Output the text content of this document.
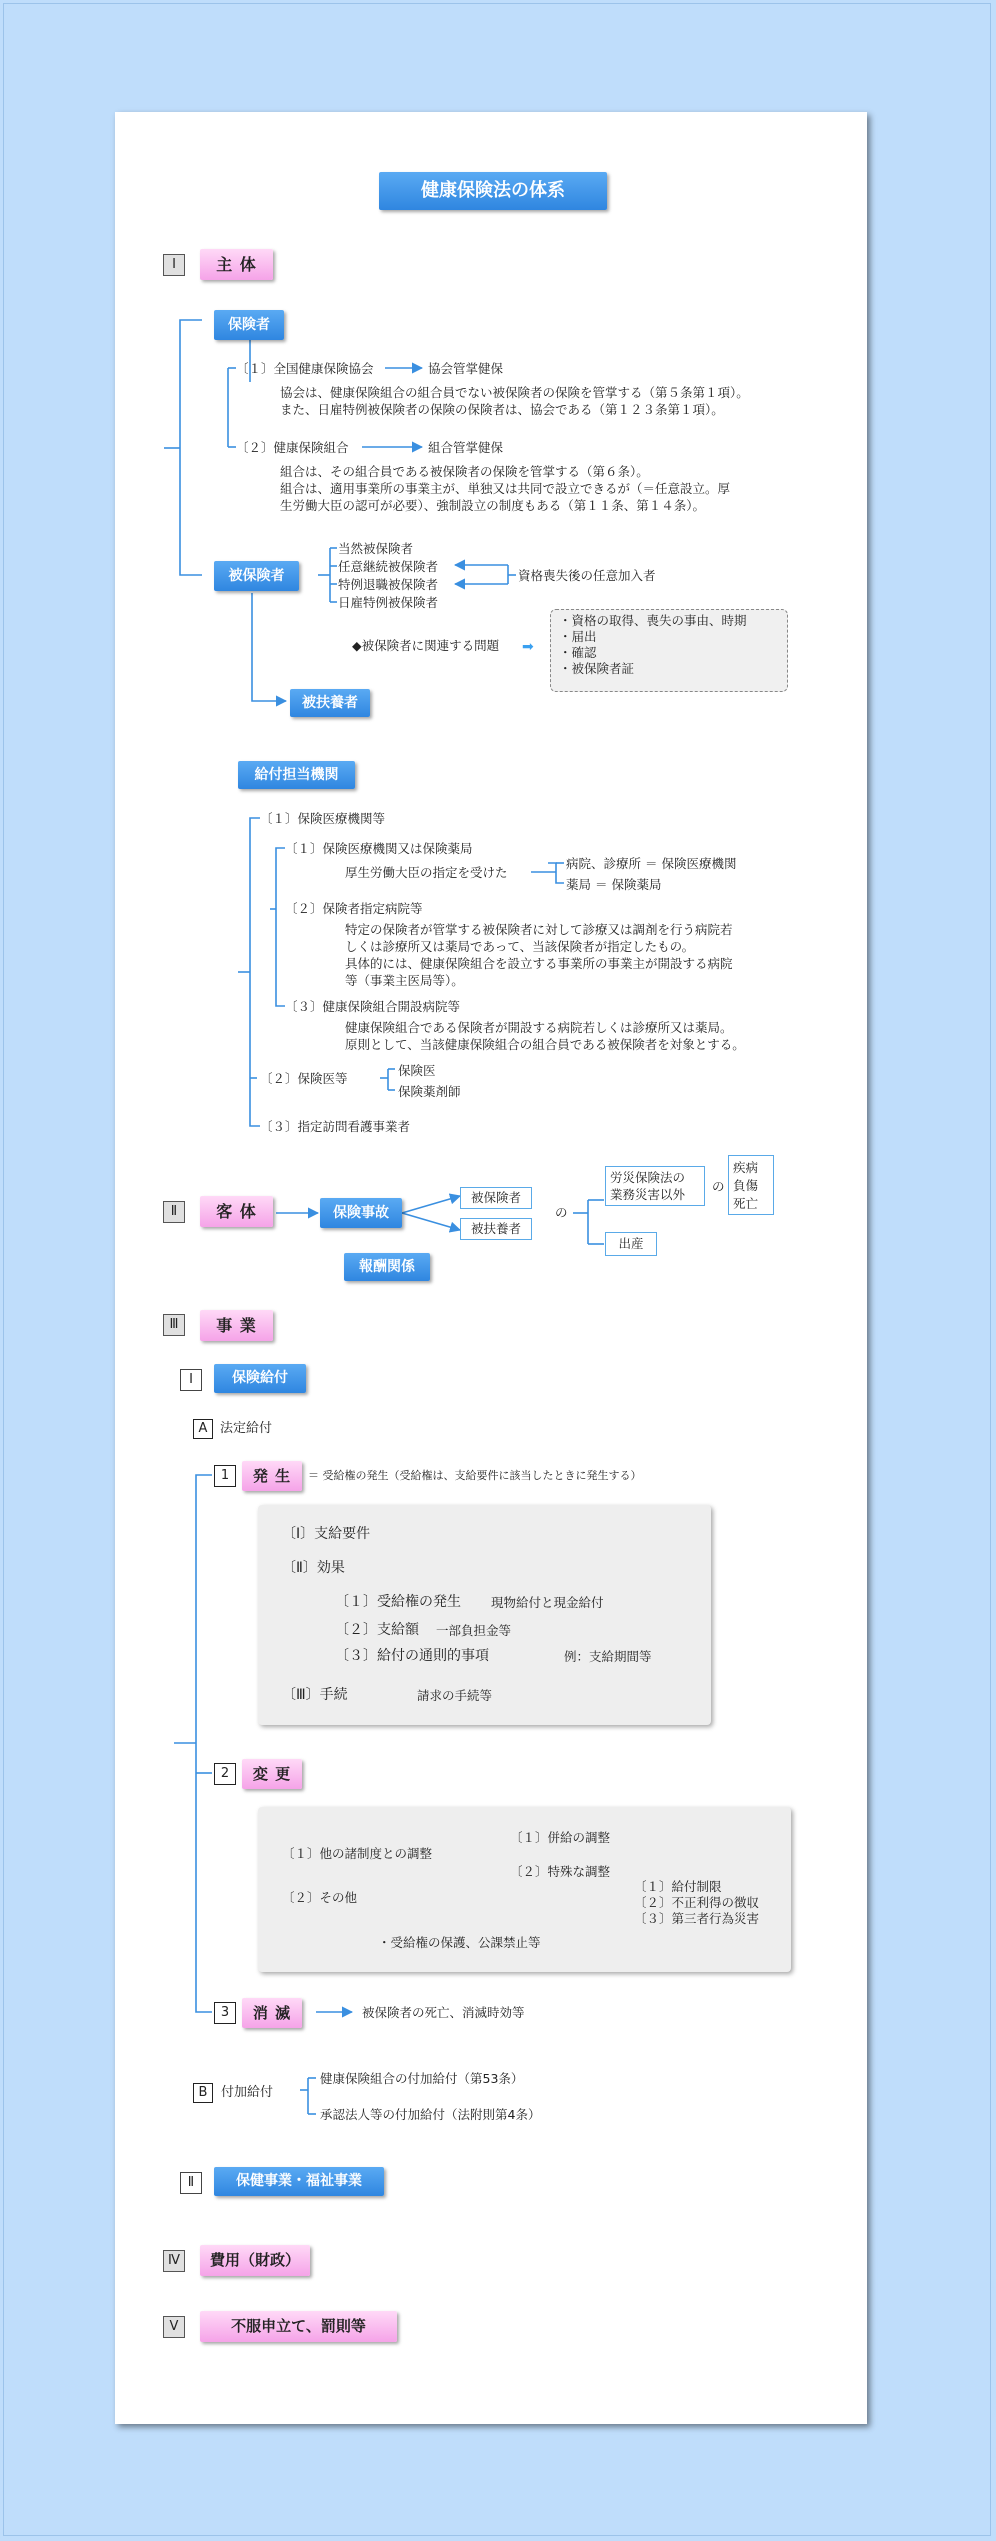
健康保険法の体系
Ⅰ	主 体
保険者
〔１〕全国健康保険協会	協会管掌健保
協会は、健康保険組合の組合員でない被保険者の保険を管掌する（第５条第１項）。
また、日雇特例被保険者の保険の保険者は、協会である（第１２３条第１項）。
〔２〕健康保険組合	組合管掌健保
組合は、その組合員である被保険者の保険を管掌する（第６条）。
組合は、適用事業所の事業主が、単独又は共同で設立できるが（＝任意設立。厚
生労働大臣の認可が必要）、強制設立の制度もある（第１１条、第１４条）。
被保険者
当然被保険者
任意継続被保険者
特例退職被保険者
日雇特例被保険者
資格喪失後の任意加入者
◆被保険者に関連する問題 ➡
・資格の取得、喪失の事由、時期
・届出
・確認
・被保険者証
被扶養者
給付担当機関
〔１〕保険医療機関等
〔１〕保険医療機関又は保険薬局
厚生労働大臣の指定を受けた
病院、診療所 ＝ 保険医療機関
薬局 ＝ 保険薬局
〔２〕保険者指定病院等
特定の保険者が管掌する被保険者に対して診療又は調剤を行う病院若
しくは診療所又は薬局であって、当該保険者が指定したもの。
具体的には、健康保険組合を設立する事業所の事業主が開設する病院
等（事業主医局等）。
〔３〕健康保険組合開設病院等
健康保険組合である保険者が開設する病院若しくは診療所又は薬局。
原則として、当該健康保険組合の組合員である被保険者を対象とする。
〔２〕保険医等
保険医
保険薬剤師
〔３〕指定訪問看護事業者
Ⅱ	客 体	保険事故
被保険者
被扶養者
の
労災保険法の
業務災害以外
の
疾病
負傷
死亡
出産
報酬関係
Ⅲ	事 業
Ⅰ	保険給付
A 法定給付
1	発 生	＝ 受給権の発生（受給権は、支給要件に該当したときに発生する）
〔Ⅰ〕支給要件
〔Ⅱ〕効果
〔１〕受給権の発生 現物給付と現金給付
〔２〕支給額 一部負担金等
〔３〕給付の通則的事項	例：支給期間等
〔Ⅲ〕手続	請求の手続等
2	変 更
〔１〕他の諸制度との調整
〔１〕併給の調整
〔２〕特殊な調整
〔１〕給付制限
〔２〕不正利得の徴収
〔３〕第三者行為災害
〔２〕その他
・受給権の保護、公課禁止等
3	消 滅	被保険者の死亡、消滅時効等
B	付加給付
健康保険組合の付加給付（第53条）
承認法人等の付加給付（法附則第4条）
Ⅱ	保健事業・福祉事業
Ⅳ	費用（財政）
Ⅴ	不服申立て、罰則等
